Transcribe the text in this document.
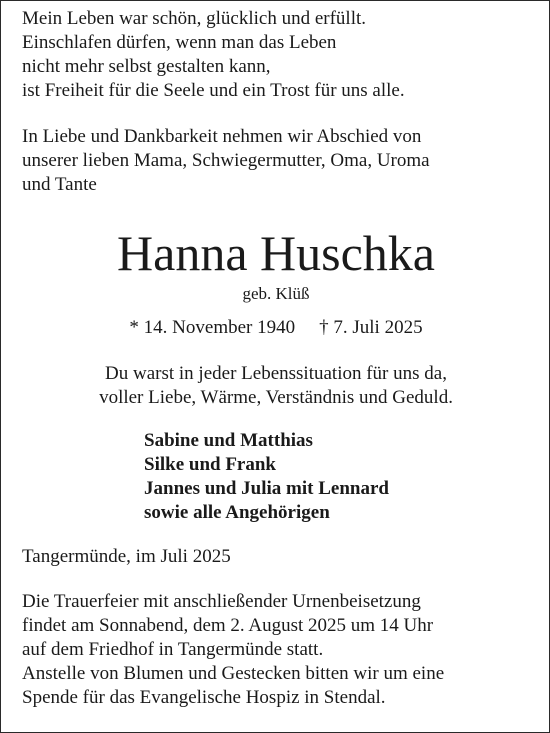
Mein Leben war schön, glücklich und erfüllt.
Einschlafen dürfen, wenn man das Leben
nicht mehr selbst gestalten kann,
ist Freiheit für die Seele und ein Trost für uns alle.
In Liebe und Dankbarkeit nehmen wir Abschied von
unserer lieben Mama, Schwiegermutter, Oma, Uroma
und Tante
Hanna Huschka
geb. Klüß
* 14. November 1940 † 7. Juli 2025
Du warst in jeder Lebenssituation für uns da,
voller Liebe, Wärme, Verständnis und Geduld.
Sabine und Matthias
Silke und Frank
Jannes und Julia mit Lennard
sowie alle Angehörigen
Tangermünde, im Juli 2025
Die Trauerfeier mit anschließender Urnenbeisetzung
findet am Sonnabend, dem 2. August 2025 um 14 Uhr
auf dem Friedhof in Tangermünde statt.
Anstelle von Blumen und Gestecken bitten wir um eine
Spende für das Evangelische Hospiz in Stendal.
